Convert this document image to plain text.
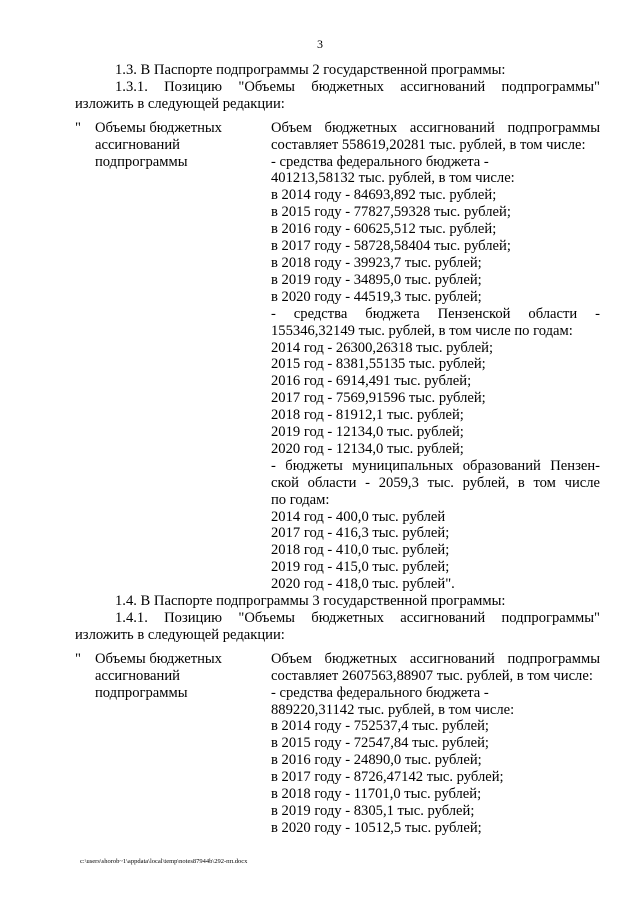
3

1.3. В Паспорте подпрограммы 2 государственной программы:

1.3.1. Позицию "Объемы бюджетных ассигнований подпрограммы"

изложить в следующей редакции:

" Объемы бюджетных
ассигнований
подпрограммы
Объем бюджетных ассигнований подпрограммы
составляет 558619,20281 тыс. рублей, в том числе:
- средства федерального бюджета -
401213,58132 тыс. рублей, в том числе:
в 2014 году - 84693,892 тыс. рублей;
в 2015 году - 77827,59328 тыс. рублей;
в 2016 году - 60625,512 тыс. рублей;
в 2017 году - 58728,58404 тыс. рублей;
в 2018 году - 39923,7 тыс. рублей;
в 2019 году - 34895,0 тыс. рублей;
в 2020 году - 44519,3 тыс. рублей;
- средства бюджета Пензенской области -
155346,32149 тыс. рублей, в том числе по годам:
2014 год - 26300,26318 тыс. рублей;
2015 год - 8381,55135 тыс. рублей;
2016 год - 6914,491 тыс. рублей;
2017 год - 7569,91596 тыс. рублей;
2018 год - 81912,1 тыс. рублей;
2019 год - 12134,0 тыс. рублей;
2020 год - 12134,0 тыс. рублей;
- бюджеты муниципальных образований Пензен-
ской области - 2059,3 тыс. рублей, в том числе
по годам:
2014 год - 400,0 тыс. рублей
2017 год - 416,3 тыс. рублей;
2018 год - 410,0 тыс. рублей;
2019 год - 415,0 тыс. рублей;
2020 год - 418,0 тыс. рублей".

1.4. В Паспорте подпрограммы 3 государственной программы:

1.4.1. Позицию "Объемы бюджетных ассигнований подпрограммы"

изложить в следующей редакции:

" Объемы бюджетных
ассигнований
подпрограммы
Объем бюджетных ассигнований подпрограммы
составляет 2607563,88907 тыс. рублей, в том числе:
- средства федерального бюджета -
889220,31142 тыс. рублей, в том числе:
в 2014 году - 752537,4 тыс. рублей;
в 2015 году - 72547,84 тыс. рублей;
в 2016 году - 24890,0 тыс. рублей;
в 2017 году - 8726,47142 тыс. рублей;
в 2018 году - 11701,0 тыс. рублей;
в 2019 году - 8305,1 тыс. рублей;
в 2020 году - 10512,5 тыс. рублей;
c:\users\shorob~1\appdata\local\temp\notes87944b\292-пп.docx
